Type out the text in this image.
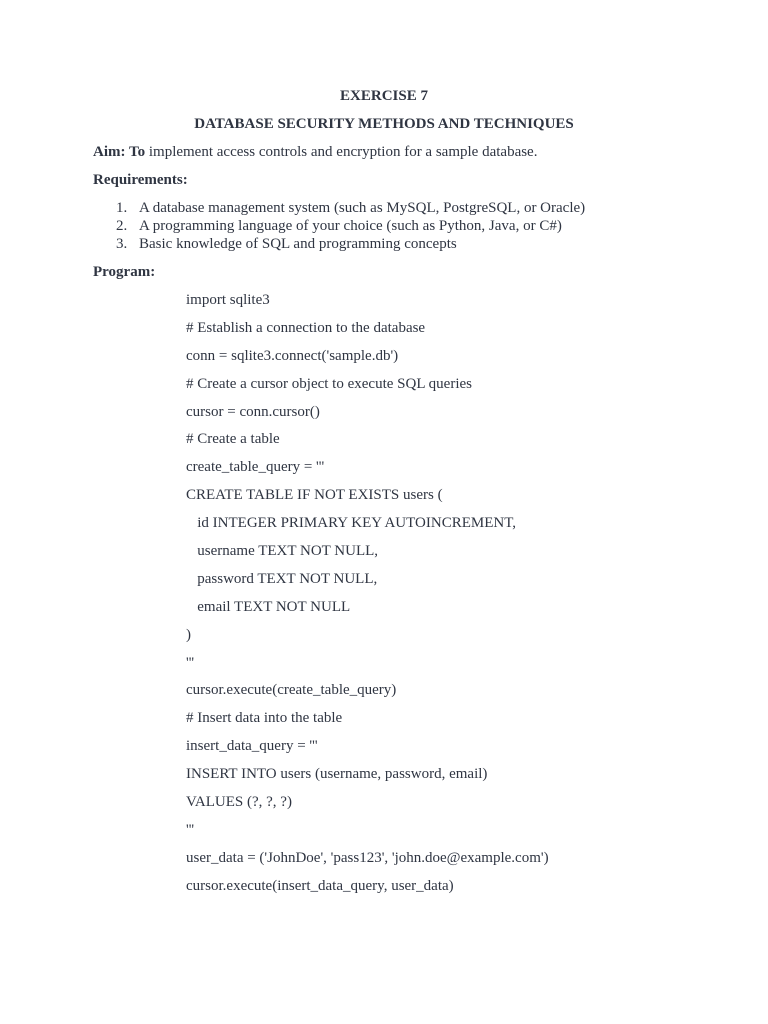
EXERCISE 7
DATABASE SECURITY METHODS AND TECHNIQUES
Aim: To implement access controls and encryption for a sample database.
Requirements:
1. A database management system (such as MySQL, PostgreSQL, or Oracle)
2. A programming language of your choice (such as Python, Java, or C#)
3. Basic knowledge of SQL and programming concepts
Program:
import sqlite3
# Establish a connection to the database
conn = sqlite3.connect('sample.db')
# Create a cursor object to execute SQL queries
cursor = conn.cursor()
# Create a table
create_table_query = '''
CREATE TABLE IF NOT EXISTS users (
id INTEGER PRIMARY KEY AUTOINCREMENT,
username TEXT NOT NULL,
password TEXT NOT NULL,
email TEXT NOT NULL
)
'''
cursor.execute(create_table_query)
# Insert data into the table
insert_data_query = '''
INSERT INTO users (username, password, email)
VALUES (?, ?, ?)
'''
user_data = ('JohnDoe', 'pass123', 'john.doe@example.com')
cursor.execute(insert_data_query, user_data)
